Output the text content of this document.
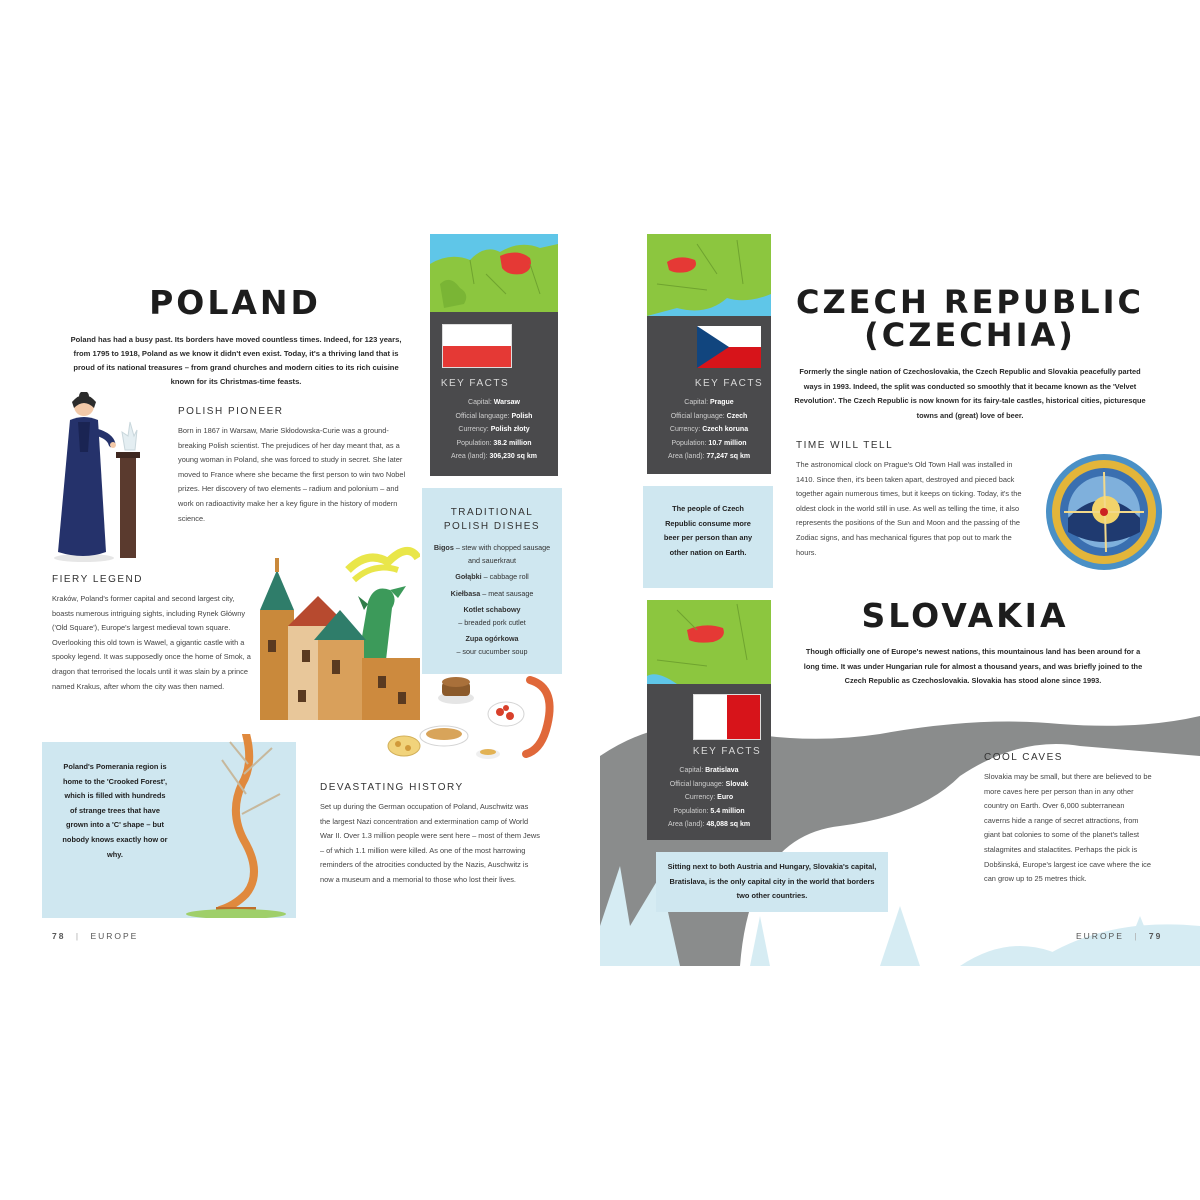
POLAND
Poland has had a busy past. Its borders have moved countless times. Indeed, for 123 years, from 1795 to 1918, Poland as we know it didn't even exist. Today, it's a thriving land that is proud of its national treasures – from grand churches and modern cities to its rich cuisine known for its Christmas-time feasts.
POLISH PIONEER
Born in 1867 in Warsaw, Marie Skłodowska-Curie was a ground-breaking Polish scientist. The prejudices of her day meant that, as a young woman in Poland, she was forced to study in secret. She later moved to France where she became the first person to win two Nobel prizes. Her discovery of two elements – radium and polonium – and work on radioactivity make her a key figure in the history of modern science.
KEY FACTS
Capital: Warsaw
Official language: Polish
Currency: Polish złoty
Population: 38.2 million
Area (land): 306,230 sq km
TRADITIONAL POLISH DISHES
Bigos – stew with chopped sausage and sauerkraut
Gołąbki – cabbage roll
Kiełbasa – meat sausage
Kotlet schabowy
– breaded pork cutlet
Zupa ogórkowa
– sour cucumber soup
FIERY LEGEND
Kraków, Poland's former capital and second largest city, boasts numerous intriguing sights, including Rynek Główny ('Old Square'), Europe's largest medieval town square. Overlooking this old town is Wawel, a gigantic castle with a spooky legend. It was supposedly once the home of Smok, a dragon that terrorised the locals until it was slain by a prince named Krakus, after whom the city was then named.
Poland's Pomerania region is home to the 'Crooked Forest', which is filled with hundreds of strange trees that have grown into a 'C' shape – but nobody knows exactly how or why.
DEVASTATING HISTORY
Set up during the German occupation of Poland, Auschwitz was the largest Nazi concentration and extermination camp of World War II. Over 1.3 million people were sent here – most of them Jews – of which 1.1 million were killed. As one of the most harrowing reminders of the atrocities conducted by the Nazis, Auschwitz is now a museum and a memorial to those who lost their lives.
78 | EUROPE
KEY FACTS
Capital: Prague
Official language: Czech
Currency: Czech koruna
Population: 10.7 million
Area (land): 77,247 sq km
The people of Czech Republic consume more beer per person than any other nation on Earth.
CZECH REPUBLIC
(CZECHIA)
Formerly the single nation of Czechoslovakia, the Czech Republic and Slovakia peacefully parted ways in 1993. Indeed, the split was conducted so smoothly that it became known as the 'Velvet Revolution'. The Czech Republic is now known for its fairy-tale castles, historical cities, picturesque towns and (great) love of beer.
TIME WILL TELL
The astronomical clock on Prague's Old Town Hall was installed in 1410. Since then, it's been taken apart, destroyed and pieced back together again numerous times, but it keeps on ticking. Today, it's the oldest clock in the world still in use. As well as telling the time, it also represents the positions of the Sun and Moon and the passing of the Zodiac signs, and has mechanical figures that pop out to mark the hours.
SLOVAKIA
Though officially one of Europe's newest nations, this mountainous land has been around for a long time. It was under Hungarian rule for almost a thousand years, and was briefly joined to the Czech Republic as Czechoslovakia. Slovakia has stood alone since 1993.
KEY FACTS
Capital: Bratislava
Official language: Slovak
Currency: Euro
Population: 5.4 million
Area (land): 48,088 sq km
Sitting next to both Austria and Hungary, Slovakia's capital, Bratislava, is the only capital city in the world that borders two other countries.
COOL CAVES
Slovakia may be small, but there are believed to be more caves here per person than in any other country on Earth. Over 6,000 subterranean caverns hide a range of secret attractions, from giant bat colonies to some of the planet's tallest stalagmites and stalactites. Perhaps the pick is Dobšinská, Europe's largest ice cave where the ice can grow up to 25 metres thick.
EUROPE | 79
